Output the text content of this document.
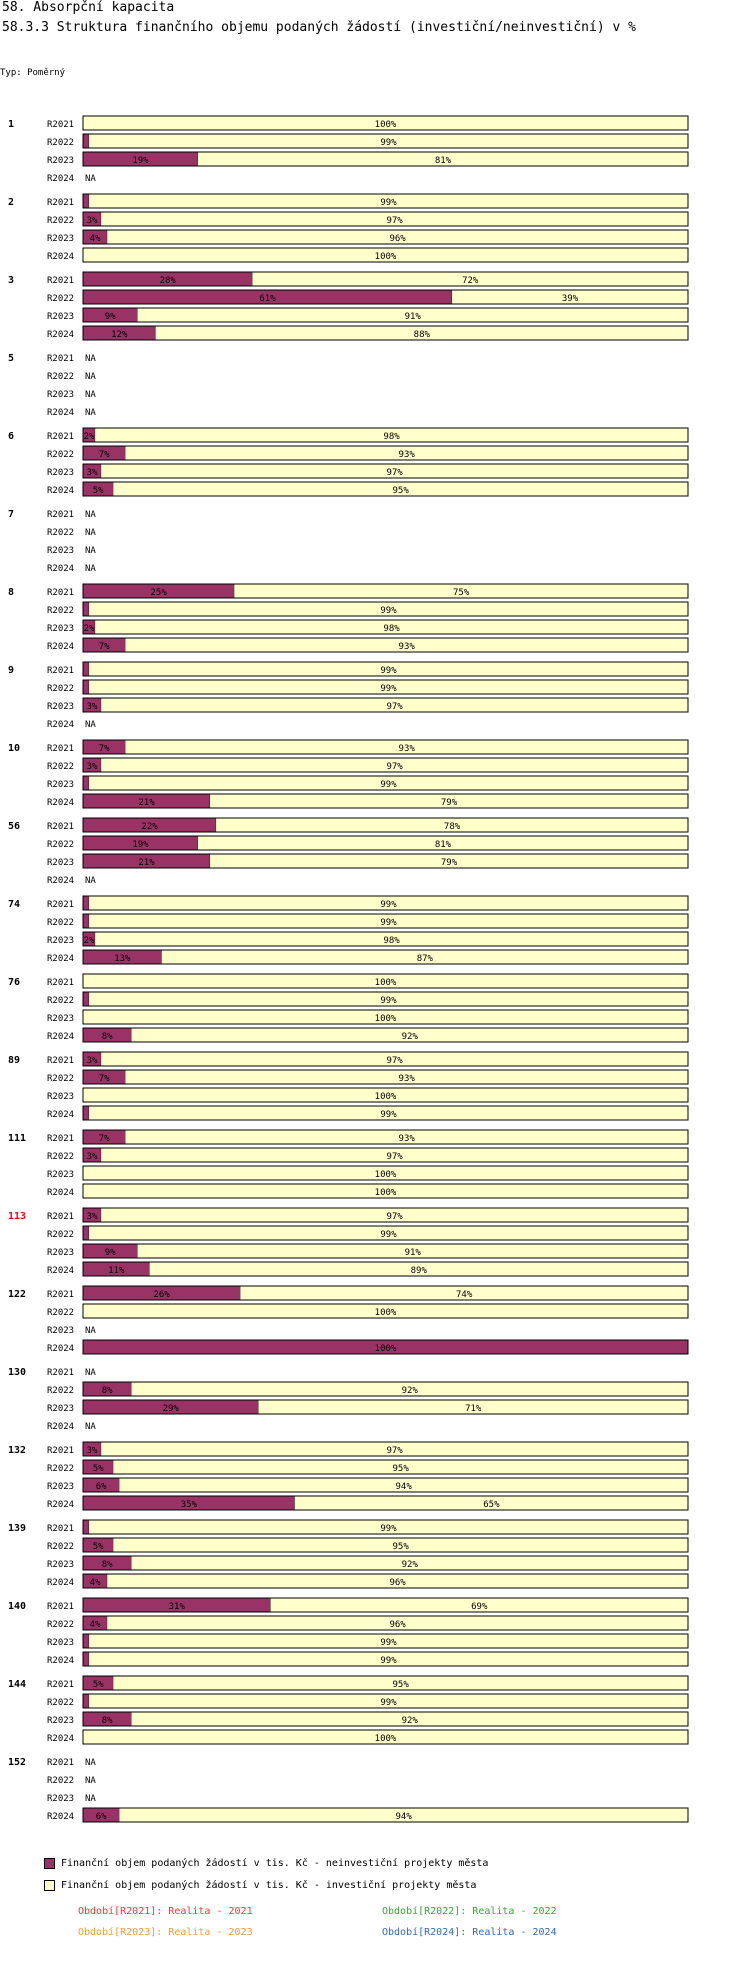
58. Absorpční kapacita
58.3.3 Struktura finančního objemu podaných žádostí (investiční/neinvestiční) v %
Typ: Poměrný
1	R2021	100%
R2022	99%
R2023	19%	81%
R2024 NA
2	R2021	99%
R2022 3%	97%
R2023 4%	96%
R2024	100%
3	R2021	28%	72%
R2022	61%	39%
R2023	9%	91%
R2024	12%	88%
5	R2021 NA
R2022 NA
R2023 NA
R2024 NA
6	R2021 2%	98%
R2022	7%	93%
R2023 3%	97%
R2024 5%	95%
7	R2021 NA
R2022 NA
R2023 NA
R2024 NA
8	R2021	25%	75%
R2022	99%
R2023 2%	98%
R2024	7%	93%
9	R2021	99%
R2022	99%
R2023 3%	97%
R2024 NA
10	R2021	7%	93%
R2022 3%	97%
R2023	99%
R2024	21%	79%
56	R2021	22%	78%
R2022	19%	81%
R2023	21%	79%
R2024 NA
74	R2021	99%
R2022	99%
R2023 2%	98%
R2024	13%	87%
76	R2021	100%
R2022	99%
R2023	100%
R2024	8%	92%
89	R2021 3%	97%
R2022	7%	93%
R2023	100%
R2024	99%
111 R2021	7%	93%
R2022 3%	97%
R2023	100%
R2024	100%
113 R2021 3%	97%
R2022	99%
R2023	9%	91%
R2024	11%	89%
122 R2021	26%	74%
R2022	100%
R2023 NA
R2024	100%
130 R2021 NA
R2022	8%	92%
R2023	29%	71%
R2024 NA
132 R2021 3%	97%
R2022 5%	95%
R2023 6%	94%
R2024	35%	65%
139 R2021	99%
R2022 5%	95%
R2023	8%	92%
R2024 4%	96%
140 R2021	31%	69%
R2022 4%	96%
R2023	99%
R2024	99%
144 R2021 5%	95%
R2022	99%
R2023	8%	92%
R2024	100%
152 R2021 NA
R2022 NA
R2023 NA
R2024 6%	94%
Finanční objem podaných žádostí v tis. Kč - neinvestiční projekty města
Finanční objem podaných žádostí v tis. Kč - investiční projekty města
Období[R2021]: Realita - 2021	Období[R2022]: Realita - 2022
Období[R2023]: Realita - 2023	Období[R2024]: Realita - 2024
